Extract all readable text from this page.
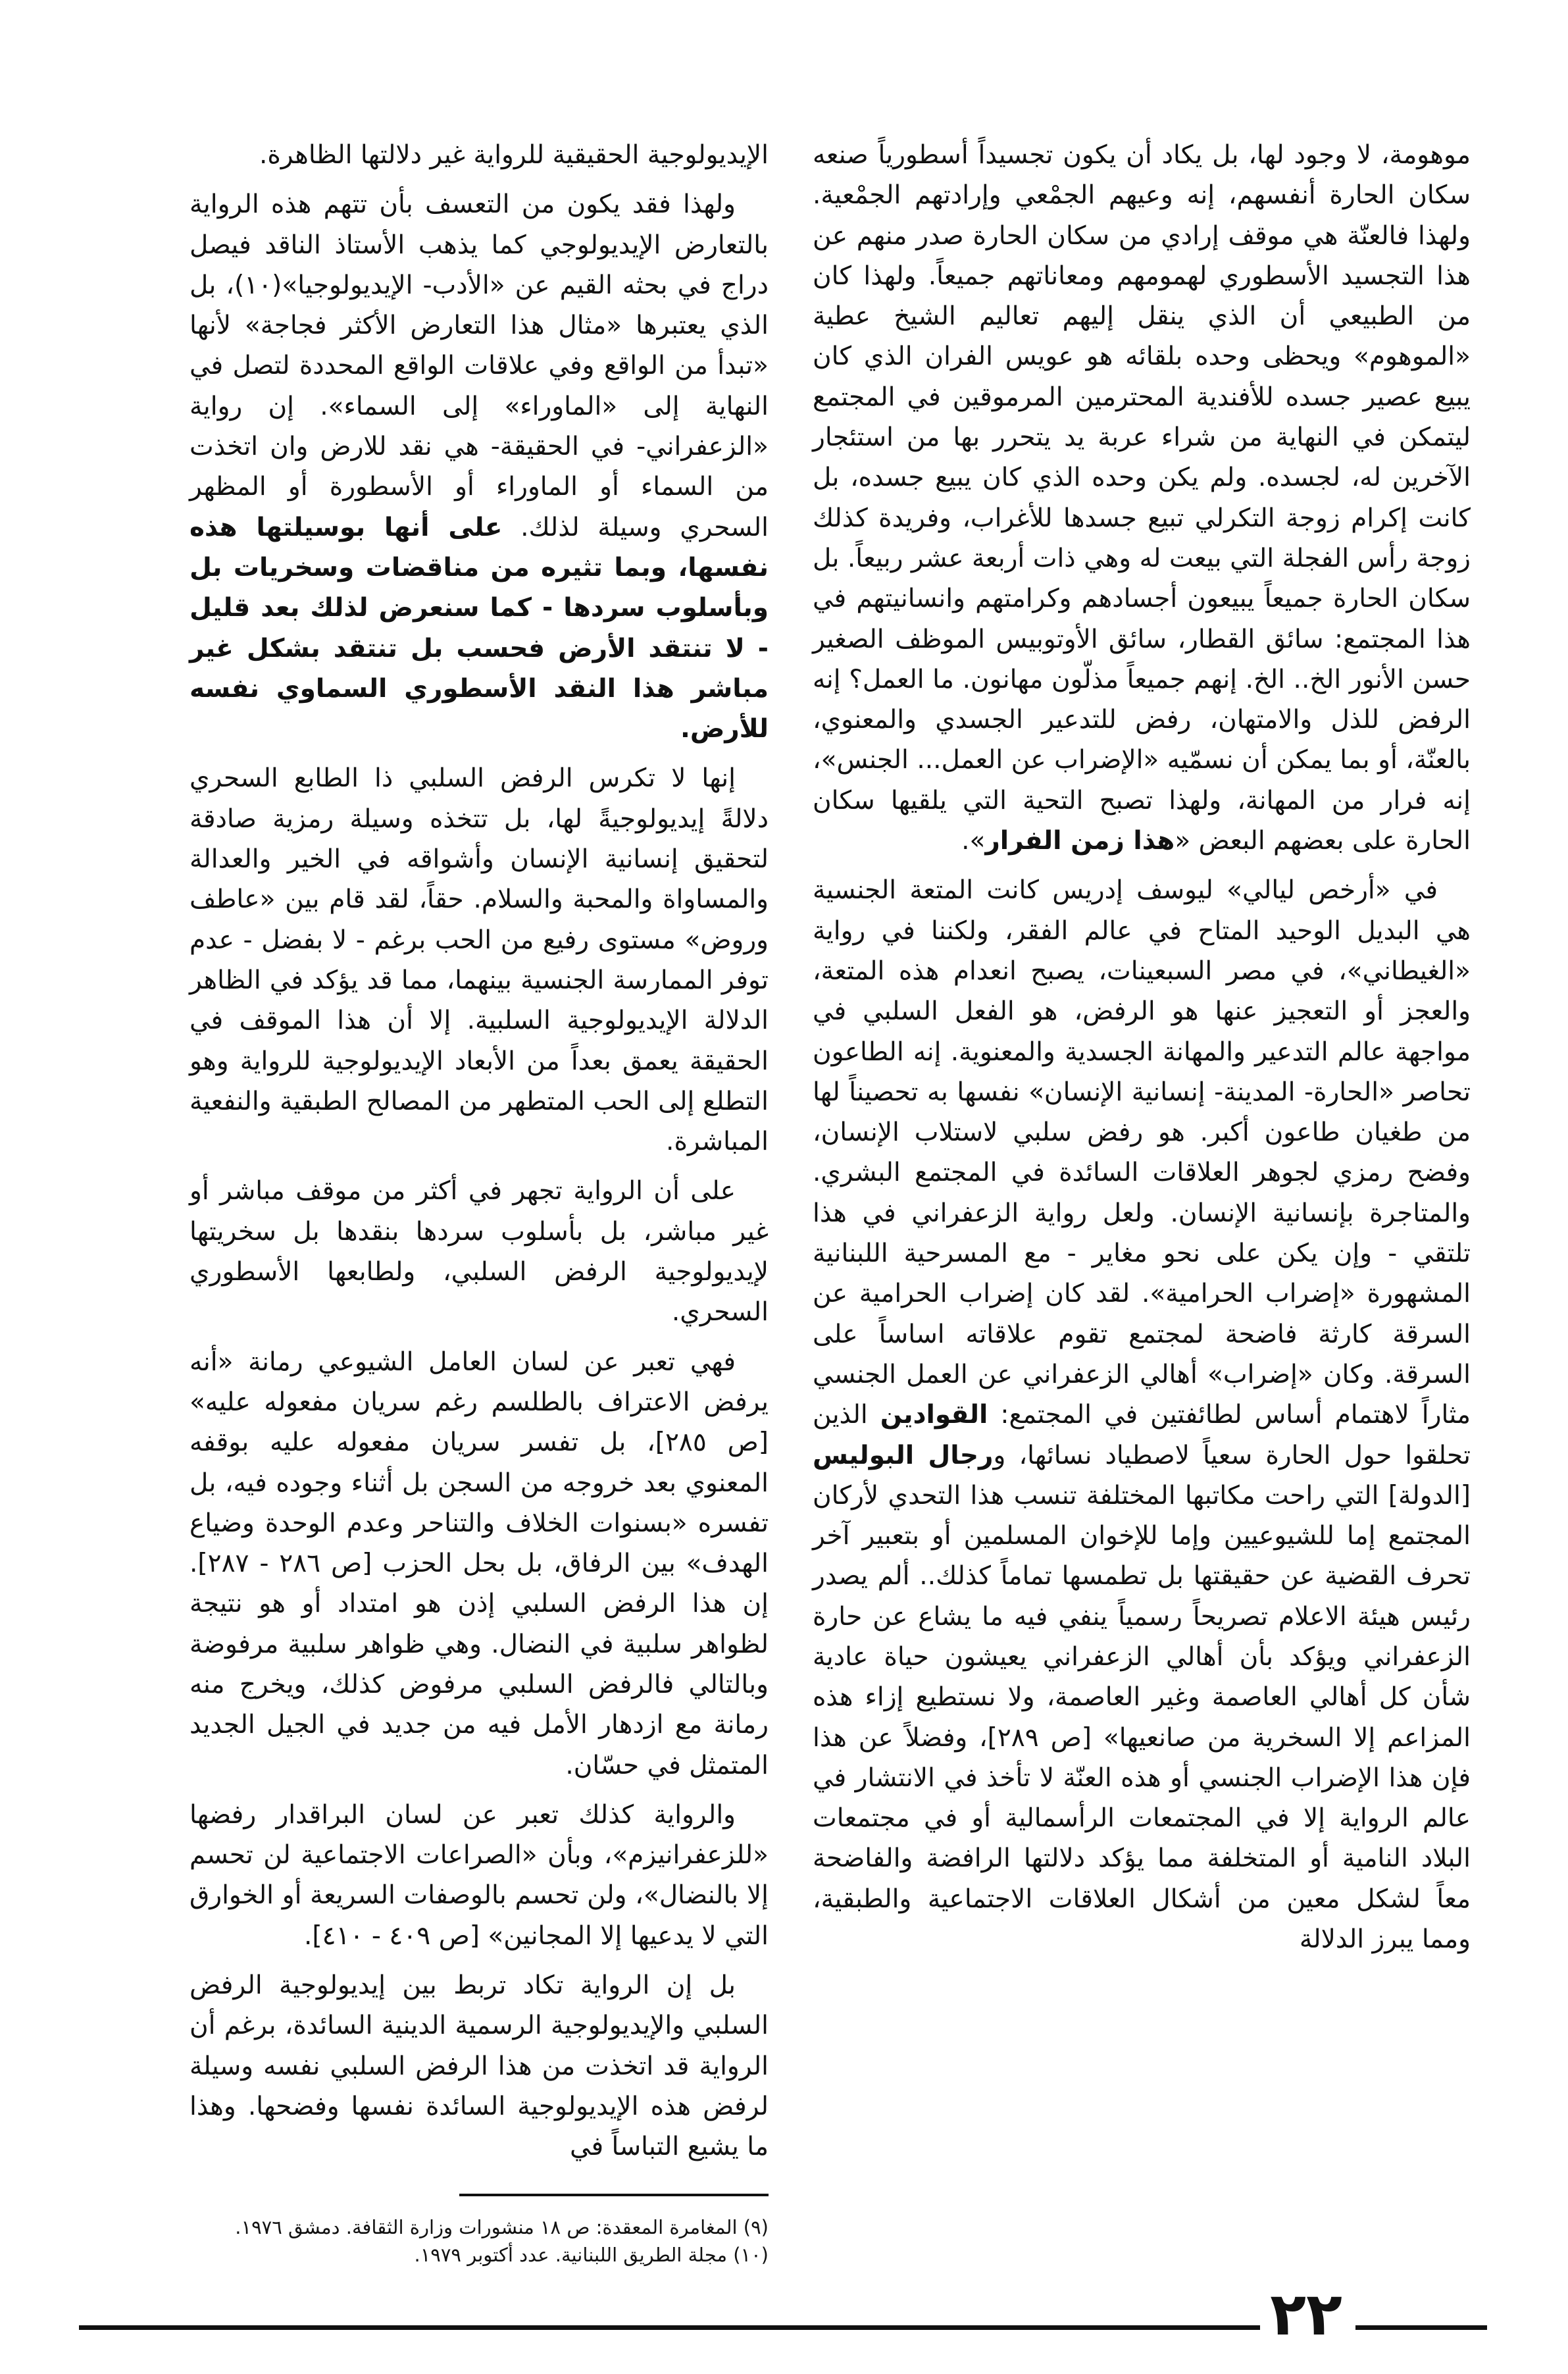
موهومة، لا وجود لها، بل يكاد أن يكون تجسيداً أسطورياً صنعه سكان الحارة أنفسهم، إنه وعيهم الجمْعي وإرادتهم الجمْعية. ولهذا فالعنّة هي موقف إرادي من سكان الحارة صدر منهم عن هذا التجسيد الأسطوري لهمومهم ومعاناتهم جميعاً. ولهذا كان من الطبيعي أن الذي ينقل إليهم تعاليم الشيخ عطية «الموهوم» ويحظى وحده بلقائه هو عويس الفران الذي كان يبيع عصير جسده للأفندية المحترمين المرموقين في المجتمع ليتمكن في النهاية من شراء عربة يد يتحرر بها من استئجار الآخرين له، لجسده. ولم يكن وحده الذي كان يبيع جسده، بل كانت إكرام زوجة التكرلي تبيع جسدها للأغراب، وفريدة كذلك زوجة رأس الفجلة التي بيعت له وهي ذات أربعة عشر ربيعاً. بل سكان الحارة جميعاً يبيعون أجسادهم وكرامتهم وانسانيتهم في هذا المجتمع: سائق القطار، سائق الأوتوبيس الموظف الصغير حسن الأنور الخ.. الخ. إنهم جميعاً مذلّون مهانون. ما العمل؟ إنه الرفض للذل والامتهان، رفض للتدعير الجسدي والمعنوي، بالعنّة، أو بما يمكن أن نسمّيه «الإضراب عن العمل... الجنس»، إنه فرار من المهانة، ولهذا تصبح التحية التي يلقيها سكان الحارة على بعضهم البعض «هذا زمن الفرار».

في «أرخص ليالي» ليوسف إدريس كانت المتعة الجنسية هي البديل الوحيد المتاح في عالم الفقر، ولكننا في رواية «الغيطاني»، في مصر السبعينات، يصبح انعدام هذه المتعة، والعجز أو التعجيز عنها هو الرفض، هو الفعل السلبي في مواجهة عالم التدعير والمهانة الجسدية والمعنوية. إنه الطاعون تحاصر «الحارة- المدينة- إنسانية الإنسان» نفسها به تحصيناً لها من طغيان طاعون أكبر. هو رفض سلبي لاستلاب الإنسان، وفضح رمزي لجوهر العلاقات السائدة في المجتمع البشري. والمتاجرة بإنسانية الإنسان. ولعل رواية الزعفراني في هذا تلتقي - وإن يكن على نحو مغاير - مع المسرحية اللبنانية المشهورة «إضراب الحرامية». لقد كان إضراب الحرامية عن السرقة كارثة فاضحة لمجتمع تقوم علاقاته اساساً على السرقة. وكان «إضراب» أهالي الزعفراني عن العمل الجنسي مثاراً لاهتمام أساس لطائفتين في المجتمع: القوادين الذين تحلقوا حول الحارة سعياً لاصطياد نسائها، ورجال البوليس [الدولة] التي راحت مكاتبها المختلفة تنسب هذا التحدي لأركان المجتمع إما للشيوعيين وإما للإخوان المسلمين أو بتعبير آخر تحرف القضية عن حقيقتها بل تطمسها تماماً كذلك.. ألم يصدر رئيس هيئة الاعلام تصريحاً رسمياً ينفي فيه ما يشاع عن حارة الزعفراني ويؤكد بأن أهالي الزعفراني يعيشون حياة عادية شأن كل أهالي العاصمة وغير العاصمة، ولا نستطيع إزاء هذه المزاعم إلا السخرية من صانعيها» [ص ٢٨٩]، وفضلاً عن هذا فإن هذا الإضراب الجنسي أو هذه العنّة لا تأخذ في الانتشار في عالم الرواية إلا في المجتمعات الرأسمالية أو في مجتمعات البلاد النامية أو المتخلفة مما يؤكد دلالتها الرافضة والفاضحة معاً لشكل معين من أشكال العلاقات الاجتماعية والطبقية، ومما يبرز الدلالة

الإيديولوجية الحقيقية للرواية غير دلالتها الظاهرة.

ولهذا فقد يكون من التعسف بأن تتهم هذه الرواية بالتعارض الإيديولوجي كما يذهب الأستاذ الناقد فيصل دراج في بحثه القيم عن «الأدب- الإيديولوجيا»(١٠)، بل الذي يعتبرها «مثال هذا التعارض الأكثر فجاجة» لأنها «تبدأ من الواقع وفي علاقات الواقع المحددة لتصل في النهاية إلى «الماوراء» إلى السماء». إن رواية «الزعفراني- في الحقيقة- هي نقد للارض وان اتخذت من السماء أو الماوراء أو الأسطورة أو المظهر السحري وسيلة لذلك. على أنها بوسيلتها هذه نفسها، وبما تثيره من مناقضات وسخريات بل وبأسلوب سردها - كما سنعرض لذلك بعد قليل - لا تنتقد الأرض فحسب بل تنتقد بشكل غير مباشر هذا النقد الأسطوري السماوي نفسه للأرض.

إنها لا تكرس الرفض السلبي ذا الطابع السحري دلالةً إيديولوجيةً لها، بل تتخذه وسيلة رمزية صادقة لتحقيق إنسانية الإنسان وأشواقه في الخير والعدالة والمساواة والمحبة والسلام. حقاً، لقد قام بين «عاطف وروض» مستوى رفيع من الحب برغم - لا بفضل - عدم توفر الممارسة الجنسية بينهما، مما قد يؤكد في الظاهر الدلالة الإيديولوجية السلبية. إلا أن هذا الموقف في الحقيقة يعمق بعداً من الأبعاد الإيديولوجية للرواية وهو التطلع إلى الحب المتطهر من المصالح الطبقية والنفعية المباشرة.

على أن الرواية تجهر في أكثر من موقف مباشر أو غير مباشر، بل بأسلوب سردها بنقدها بل سخريتها لإيديولوجية الرفض السلبي، ولطابعها الأسطوري السحري.

فهي تعبر عن لسان العامل الشيوعي رمانة «أنه يرفض الاعتراف بالطلسم رغم سريان مفعوله عليه» [ص ٢٨٥]، بل تفسر سريان مفعوله عليه بوقفه المعنوي بعد خروجه من السجن بل أثناء وجوده فيه، بل تفسره «بسنوات الخلاف والتناحر وعدم الوحدة وضياع الهدف» بين الرفاق، بل بحل الحزب [ص ٢٨٦ - ٢٨٧]. إن هذا الرفض السلبي إذن هو امتداد أو هو نتيجة لظواهر سلبية في النضال. وهي ظواهر سلبية مرفوضة وبالتالي فالرفض السلبي مرفوض كذلك، ويخرج منه رمانة مع ازدهار الأمل فيه من جديد في الجيل الجديد المتمثل في حسّان.

والرواية كذلك تعبر عن لسان البراقدار رفضها «للزعفرانيزم»، وبأن «الصراعات الاجتماعية لن تحسم إلا بالنضال»، ولن تحسم بالوصفات السريعة أو الخوارق التي لا يدعيها إلا المجانين» [ص ٤٠٩ - ٤١٠].

بل إن الرواية تكاد تربط بين إيديولوجية الرفض السلبي والإيديولوجية الرسمية الدينية السائدة، برغم أن الرواية قد اتخذت من هذا الرفض السلبي نفسه وسيلة لرفض هذه الإيديولوجية السائدة نفسها وفضحها. وهذا ما يشيع التباساً في

(٩) المغامرة المعقدة: ص ١٨ منشورات وزارة الثقافة. دمشق ١٩٧٦.
(١٠) مجلة الطريق اللبنانية. عدد أكتوبر ١٩٧٩.
٢٢
